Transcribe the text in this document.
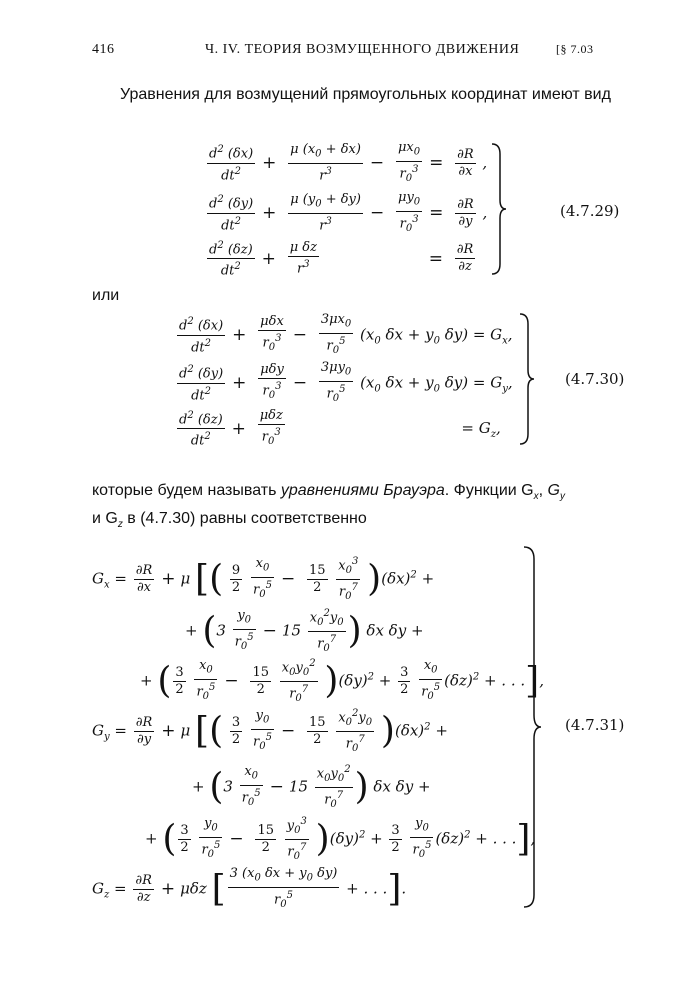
416	Ч. IV. ТЕОРИЯ ВОЗМУЩЕННОГО ДВИЖЕНИЯ	[§ 7.03
Уравнения для возмущений прямоугольных координат имеют вид
$\frac{d^2 (\delta x)}{dt^2} + \frac{\mu (x_0 + \delta x)}{r^3} - \frac{\mu x_0}{r_0^3} = \frac{\partial R}{\partial x}$ ,
$\frac{d^2 (\delta y)}{dt^2} + \frac{\mu (y_0 + \delta y)}{r^3} - \frac{\mu y_0}{r_0^3} = \frac{\partial R}{\partial y}$ ,
$\frac{d^2 (\delta z)}{dt^2} + \frac{\text{μ δz}}{r^3}$	= $\frac{\partial R}{\partial z}$
(4.7.29)
или
$\frac{d^2 (\delta x)}{dt^2} + \frac{\text{μδx}}{r_0^3} - \frac{3\mu x_0}{r_0^5} (x_0$ $\delta x + y_0$ $\delta y) = G_x$,
$\frac{d^2 (\delta y)}{dt^2} + \frac{\text{μδy}}{r_0^3} - \frac{3\mu y_0}{r_0^5} (x_0$ $\delta x + y_0$ $\delta y) = G_y$,
$\frac{d^2 (\delta z)}{dt^2} + \frac{\text{μδz}}{r_0^3}$	= $G_z$,
(4.7.30)
которые будем называть уравнениями Брауэра. Функции $G_x$, $G_y$
и $G_z$ в (4.7.30) равны соответственно
$G_x = \frac{\partial R}{\partial x} + \mu$ [( $\frac{9}{2}$
$\frac{x_0}{r_0^5} - \frac{15}{2}$
$\frac{x_0^3}{r_0^7} )(\delta x)^2$ +
+ ($3 \frac{y_0}{r_0^5} - 15 \frac{x_0^2y_0}{r_0^7}$ ) δx δy +
+ ( $\frac{3}{2}$
$\frac{x_0}{r_0^5} - \frac{15}{2}$
$\frac{x_0y_0^2}{r_0^7} )(\delta y)^2 + \frac{3}{2}$
$\frac{x_0}{r_0^5} (\delta z)^2$ + . . .],
$G_y = \frac{\partial R}{\partial y} + \mu$ [( $\frac{3}{2}$
$\frac{y_0}{r_0^5} - \frac{15}{2}$
$\frac{x_0^2y_0}{r_0^7} )(\delta x)^2$ +
+ ($3 \frac{x_0}{r_0^5} - 15 \frac{x_0y_0^2}{r_0^7}$ ) δx δy +
+ ( $\frac{3}{2}$
$\frac{y_0}{r_0^5} - \frac{15}{2}$
$\frac{y_0^3}{r_0^7} )(\delta y)^2 + \frac{3}{2}$
$\frac{y_0}{r_0^5} (\delta z)^2$ + . . .],
$G_z = \frac{\partial R}{\partial z} + \mu\delta z$ [ $\frac{3 (x_0 \delta x + y_0 \delta y)}{r_0^5}$ + . . .].
(4.7.31)
